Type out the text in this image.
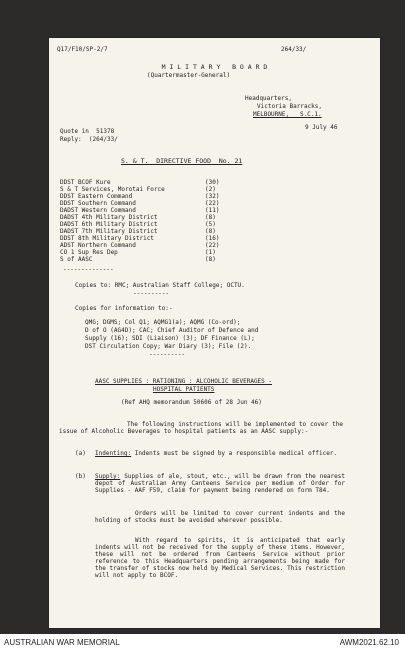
Q17/F10/SP-2/7	264/33/
M I L I T A R Y   B O A R D
(Quartermaster-General)
Headquarters,
Victoria Barracks,
MELBOURNE,   S.C.1.
9 July 46
Quote in  51378
Reply:  (264/33/
S. & T.  DIRECTIVE FOOD  No. 21
DDST BCOF Kure	(30)
S & T Services, Morotai Force	(2)
DDST Eastern Command	(32)
DDST Southern Command	(22)
DADST Western Command	(11)
DADST 4th Military District	(8)
DADST 6th Military District	(5)
DADST 7th Military District	(8)
DDST 8th Military District	(16)
ADST Northern Command	(22)
CO 1 Sup Res Dep	(1)
S of AASC	(8)
--------------
Copies to: RMC; Australian Staff College; OCTU.
----------
Copies for information to:-
QMG; DGMS; Col Q1; AQMG1(a); AQMG (Co-ord);
D of O (AG4D); CAC; Chief Auditor of Defence and
Supply (16); SDI (Liaison) (3); DF Finance (L);
DST Circulation Copy; War Diary (3); File (2).
----------
AASC SUPPLIES : RATIONING : ALCOHOLIC BEVERAGES -
HOSPITAL PATIENTS
(Ref AHQ memorandum 50606 of 28 Jun 46)
The following instructions will be implemented to cover the issue of Alcoholic Beverages to hospital patients as an AASC supply:-
(a) Indenting: Indents must be signed by a responsible medical officer.
(b) Supply: Supplies of ale, stout, etc., will be drawn from the nearest depot of Australian Army Canteens Service per medium of Order for Supplies - AAF F59, claim for payment being rendered on form T84.
Orders will be limited to cover current indents and the holding of stocks must be avoided wherever possible.
With regard to spirits, it is anticipated that early indents will not be received for the supply of these items. However, these will not be ordered from Canteens Service without prior reference to this Headquarters pending arrangements being made for the transfer of stocks now held by Medical Services. This restriction will not apply to BCOF.
AUSTRALIAN WAR MEMORIAL	AWM2021.62.10
